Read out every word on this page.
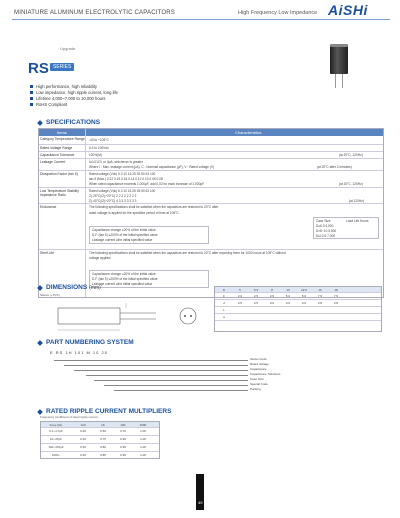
MINIATURE ALUMINUM ELECTROLYTIC CAPACITORS	High Frequency Low Impedance AiSHi
Upgrade
RS SERIES
High performance, high reliability
Low impedance, high ripple current, long life
Lifetime 4,000~7,000 to 10,000 hours
RoHS Compliant
SPECIFICATIONS
Items	Characteristics
Category Temperature Range	-40 to +105°C
Rated Voltage Range	6.3 to 100Vdc
Capacitance Tolerance	±20%(M)	(at 20°C, 120Hz)
Leakage Current	I≤0.01CV or 3μA, whichever is greater
Where I : Max. leakage current (μA), C : Nominal capacitance (μF), V : Rated voltage (V)	(at 20°C after 2 minutes)
Dissipation Factor (tan δ)	Rated voltage (Vdc) 6.3 10 16 25 35 50 63 100
tan δ (Max.) 0.22 0.19 0.16 0.14 0.12 0.10 0.09 0.08
When rated capacitance exceeds 1,000μF, add 0.02 for each increase of 1,000μF	(at 20°C, 120Hz)
Low Temperature Stability Impedance Ratio
Rated voltage (Vdc) 6.3 10 16 25 35 50 63 100
Z(-25°C)/Z(+20°C) 2 2 2 2 2 2 2 2
Z(-40°C)/Z(+20°C) 4 3 3 3 3 3 3 3	(at 120Hz)
Endurance	The following specifications shall be satisfied when the capacitors are restored to 20°C after
rated voltage is applied for the specified period of time at 105°C.
Case Size	Load Life Hours
D≤6.3 4,000
D=8~10 5,000
D≥12.5 7,000
Capacitance change ≤20% of the initial value
D.F. (tan δ) ≤200% of the initial specified value
Leakage current ≤the initial specified value
Shelf Life	The following specifications shall be satisfied when the capacitors are restored to 20°C after exposing them for 1000 hours at 105°C without
voltage applied.
Capacitance change ≤20% of the initial value
D.F. (tan δ) ≤200% of the initial specified value
Leakage current ≤the initial specified value
DIMENSIONS (mm)
Sleeve (+PVC)
D	5	6.3	8	10	12.5	16	18
F	2.0	2.5	3.5	5.0	5.0	7.5	7.5
d	0.5	0.5	0.6	0.6	0.6	0.8	0.8
L
a
PART NUMBERING SYSTEM
E RS 1H 101 M 10 25
Series Code
Rated Voltage
Capacitance
Capacitance Tolerance
Case Size
Special Code
Packing
RATED RIPPLE CURRENT MULTIPLIERS
Frequency coefficient of rated ripple current
Freq (Hz)	120	1K	10K	100K
0.1~4.7μF	0.20	0.50	0.70	1.00
10~47μF	0.40	0.75	0.90	1.00
100~470μF	0.50	0.80	0.95	1.00
1000~	0.60	0.85	0.95	1.00
49
